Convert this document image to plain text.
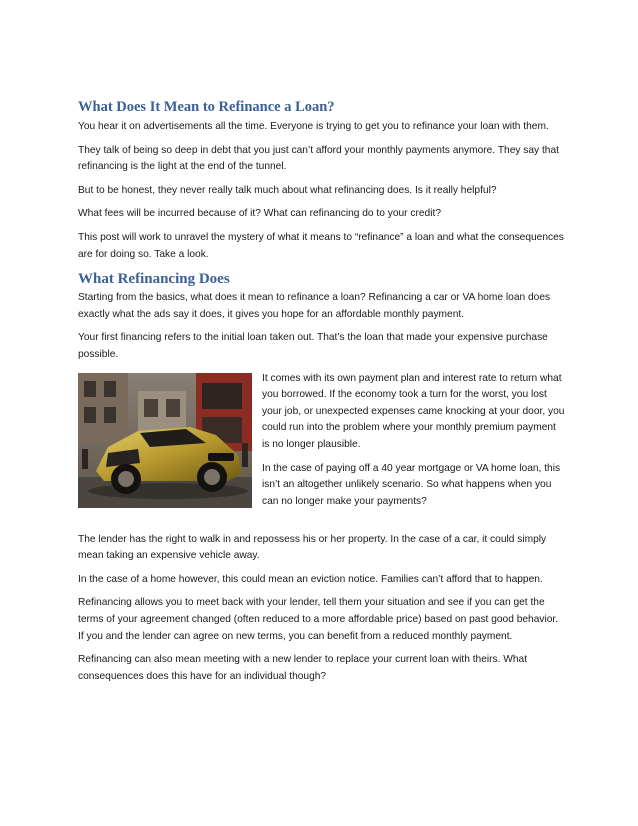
What Does It Mean to Refinance a Loan?

You hear it on advertisements all the time. Everyone is trying to get you to refinance your loan with them.

They talk of being so deep in debt that you just can’t afford your monthly payments anymore. They say that refinancing is the light at the end of the tunnel.

But to be honest, they never really talk much about what refinancing does. Is it really helpful?

What fees will be incurred because of it? What can refinancing do to your credit?

This post will work to unravel the mystery of what it means to “refinance” a loan and what the consequences are for doing so. Take a look.

What Refinancing Does

Starting from the basics, what does it mean to refinance a loan? Refinancing a car or VA home loan does exactly what the ads say it does, it gives you hope for an affordable monthly payment.

Your first financing refers to the initial loan taken out. That’s the loan that made your expensive purchase possible.

It comes with its own payment plan and interest rate to return what you borrowed. If the economy took a turn for the worst, you lost your job, or unexpected expenses came knocking at your door, you could run into the problem where your monthly premium payment is no longer plausible.

In the case of paying off a 40 year mortgage or VA home loan, this isn’t an altogether unlikely scenario. So what happens when you can no longer make your payments?

The lender has the right to walk in and repossess his or her property. In the case of a car, it could simply mean taking an expensive vehicle away.

In the case of a home however, this could mean an eviction notice. Families can’t afford that to happen.

Refinancing allows you to meet back with your lender, tell them your situation and see if you can get the terms of your agreement changed (often reduced to a more affordable price) based on past good behavior. If you and the lender can agree on new terms, you can benefit from a reduced monthly payment.

Refinancing can also mean meeting with a new lender to replace your current loan with theirs. What consequences does this have for an individual though?
